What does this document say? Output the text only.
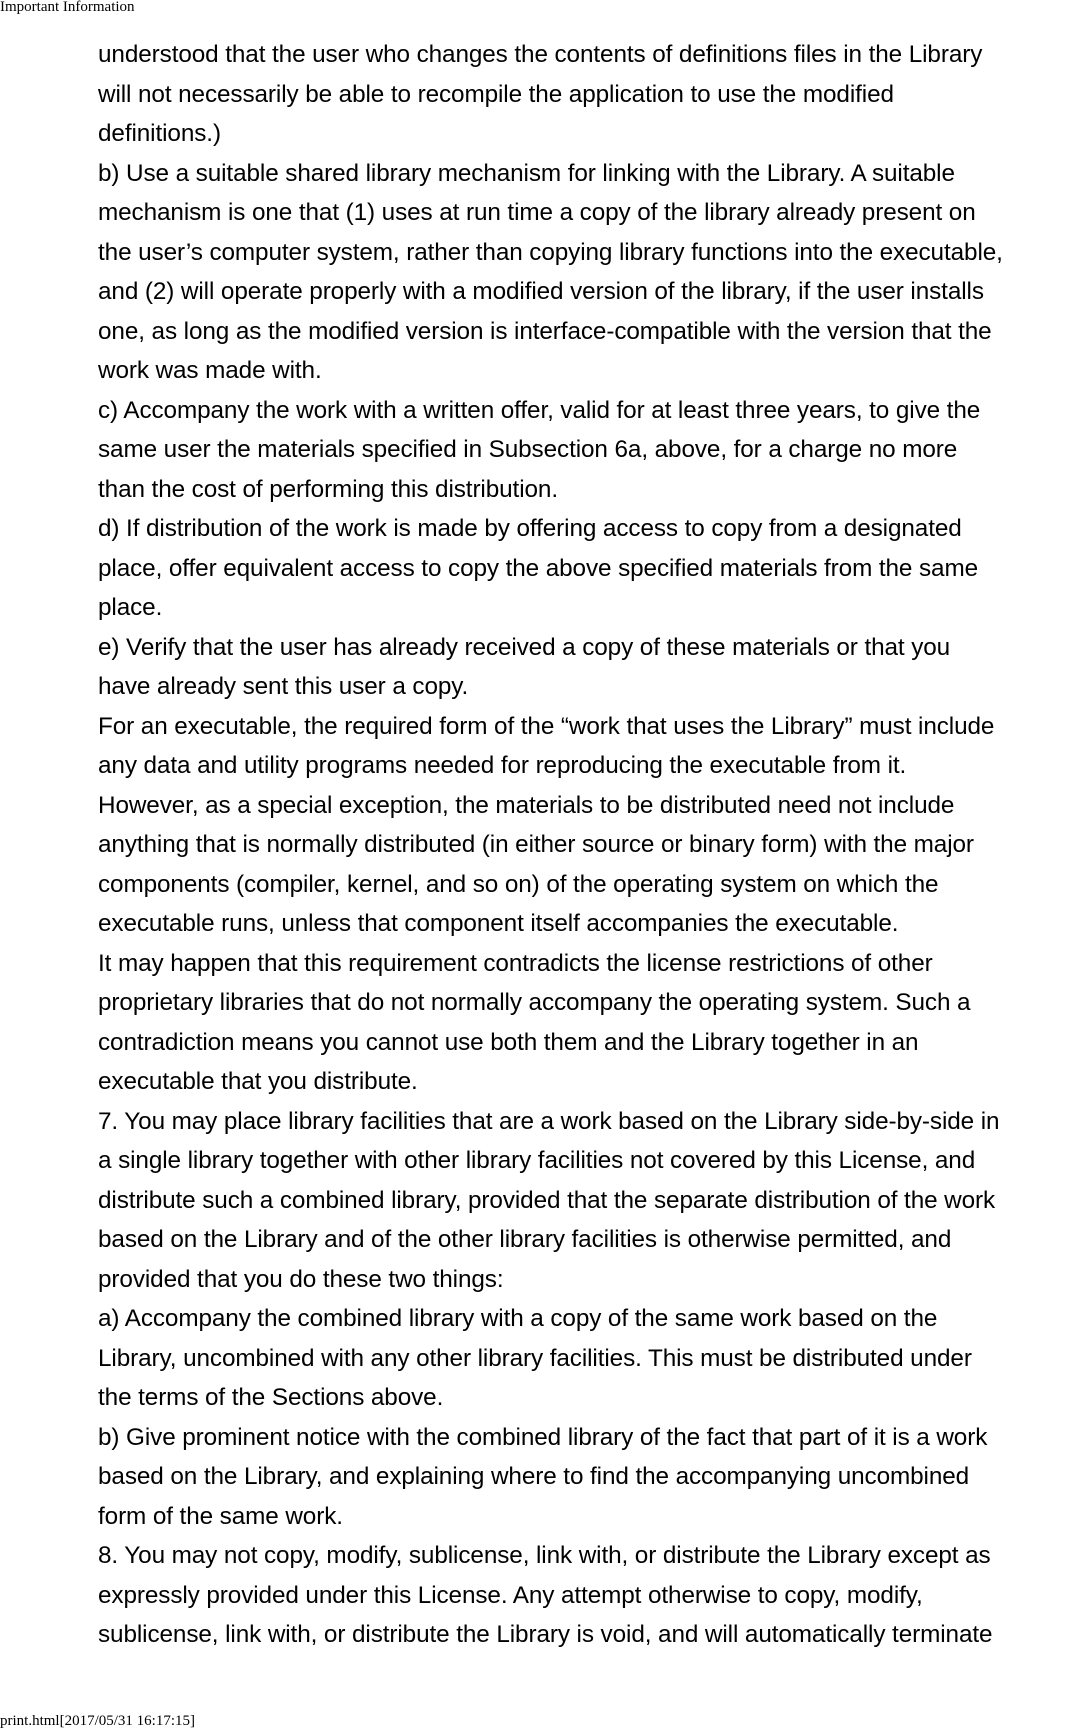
Important Information
understood that the user who changes the contents of definitions files in the Library
will not necessarily be able to recompile the application to use the modified
definitions.)
b) Use a suitable shared library mechanism for linking with the Library. A suitable
mechanism is one that (1) uses at run time a copy of the library already present on
the user’s computer system, rather than copying library functions into the executable,
and (2) will operate properly with a modified version of the library, if the user installs
one, as long as the modified version is interface-compatible with the version that the
work was made with.
c) Accompany the work with a written offer, valid for at least three years, to give the
same user the materials specified in Subsection 6a, above, for a charge no more
than the cost of performing this distribution.
d) If distribution of the work is made by offering access to copy from a designated
place, offer equivalent access to copy the above specified materials from the same
place.
e) Verify that the user has already received a copy of these materials or that you
have already sent this user a copy.
For an executable, the required form of the “work that uses the Library” must include
any data and utility programs needed for reproducing the executable from it.
However, as a special exception, the materials to be distributed need not include
anything that is normally distributed (in either source or binary form) with the major
components (compiler, kernel, and so on) of the operating system on which the
executable runs, unless that component itself accompanies the executable.
It may happen that this requirement contradicts the license restrictions of other
proprietary libraries that do not normally accompany the operating system. Such a
contradiction means you cannot use both them and the Library together in an
executable that you distribute.
7. You may place library facilities that are a work based on the Library side-by-side in
a single library together with other library facilities not covered by this License, and
distribute such a combined library, provided that the separate distribution of the work
based on the Library and of the other library facilities is otherwise permitted, and
provided that you do these two things:
a) Accompany the combined library with a copy of the same work based on the
Library, uncombined with any other library facilities. This must be distributed under
the terms of the Sections above.
b) Give prominent notice with the combined library of the fact that part of it is a work
based on the Library, and explaining where to find the accompanying uncombined
form of the same work.
8. You may not copy, modify, sublicense, link with, or distribute the Library except as
expressly provided under this License. Any attempt otherwise to copy, modify,
sublicense, link with, or distribute the Library is void, and will automatically terminate
print.html[2017/05/31 16:17:15]
